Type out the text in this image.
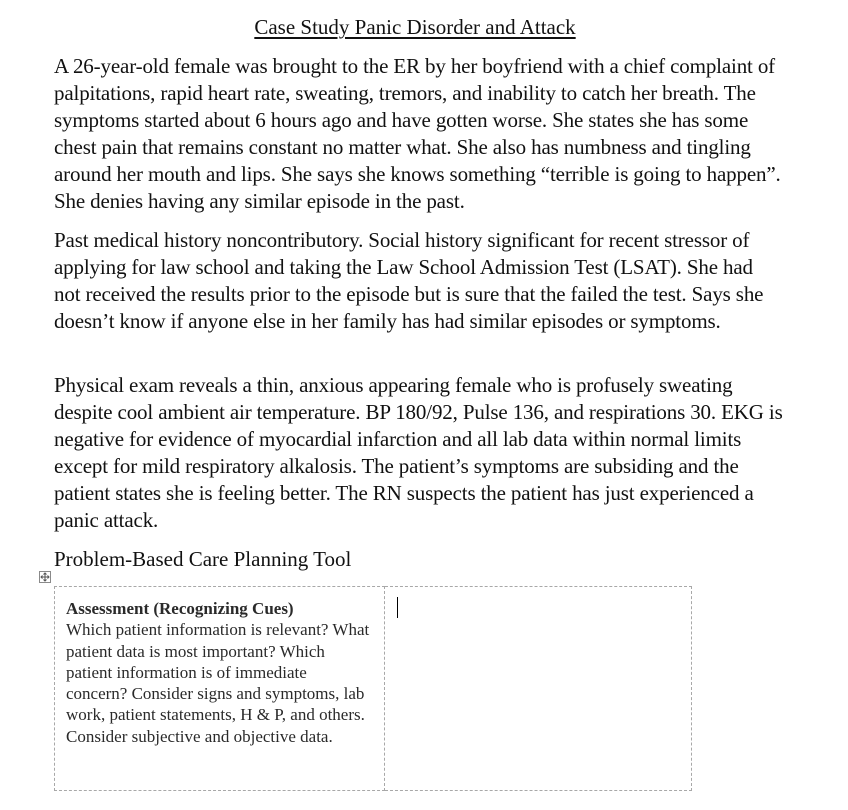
Case Study Panic Disorder and Attack

A 26-year-old female was brought to the ER by her boyfriend with a chief complaint of palpitations, rapid heart rate, sweating, tremors, and inability to catch her breath. The symptoms started about 6 hours ago and have gotten worse. She states she has some chest pain that remains constant no matter what. She also has numbness and tingling around her mouth and lips. She says she knows something “terrible is going to happen”. She denies having any similar episode in the past.

Past medical history noncontributory. Social history significant for recent stressor of applying for law school and taking the Law School Admission Test (LSAT). She had not received the results prior to the episode but is sure that the failed the test. Says she doesn’t know if anyone else in her family has had similar episodes or symptoms.

Physical exam reveals a thin, anxious appearing female who is profusely sweating despite cool ambient air temperature. BP 180/92, Pulse 136, and respirations 30. EKG is negative for evidence of myocardial infarction and all lab data within normal limits except for mild respiratory alkalosis. The patient’s symptoms are subsiding and the patient states she is feeling better. The RN suspects the patient has just experienced a panic attack.

Problem-Based Care Planning Tool
Assessment (Recognizing Cues)
Which patient information is relevant? What patient data is most important? Which patient information is of immediate concern? Consider signs and symptoms, lab work, patient statements, H & P, and others. Consider subjective and objective data.	
